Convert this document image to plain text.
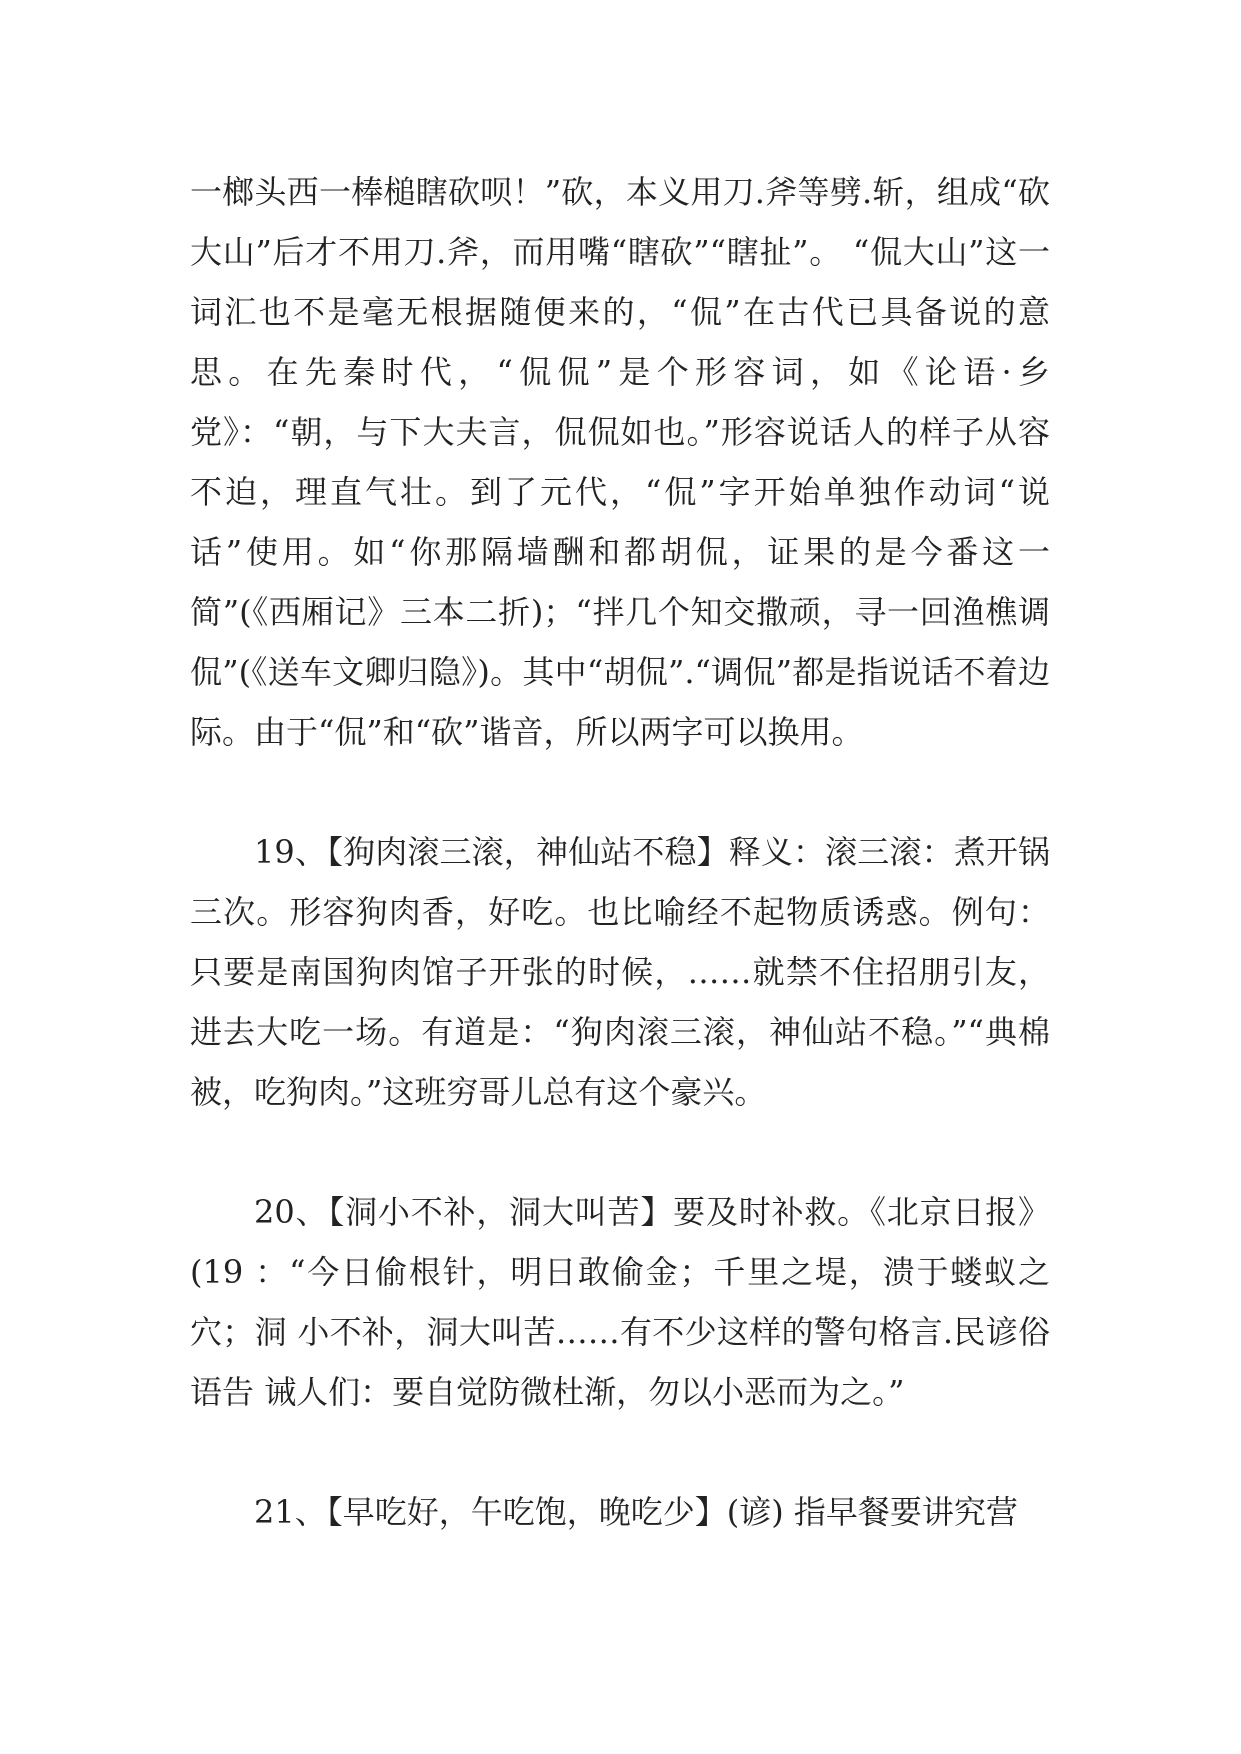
一榔头西一棒槌瞎砍呗！”砍，本义用刀.斧等劈.斩，组成“砍大山”后才不用刀.斧，而用嘴“瞎砍”“瞎扯”。 “侃大山”这一词汇也不是毫无根据随便来的，“侃”在古代已具备说的意思。在先秦时代，“侃侃”是个形容词，如《论语·乡党》：“朝，与下大夫言，侃侃如也。”形容说话人的样子从容不迫，理直气壮。到了元代，“侃”字开始单独作动词“说话”使用。如“你那隔墙酬和都胡侃，证果的是今番这一简”(《西厢记》三本二折)；“拌几个知交撒顽，寻一回渔樵调侃”(《送车文卿归隐》)。其中“胡侃”.“调侃”都是指说话不着边际。由于“侃”和“砍”谐音，所以两字可以换用。

19、【狗肉滚三滚，神仙站不稳】释义：滚三滚：煮开锅三次。形容狗肉香，好吃。也比喻经不起物质诱惑。例句：只要是南国狗肉馆子开张的时候，……就禁不住招朋引友，进去大吃一场。有道是：“狗肉滚三滚，神仙站不稳。”“典棉被，吃狗肉。”这班穷哥儿总有这个豪兴。

20、【洞小不补，洞大叫苦】要及时补救。《北京日报》(19 ：“今日偷根针，明日敢偷金；千里之堤，溃于蝼蚁之穴；洞 小不补，洞大叫苦……有不少这样的警句格言.民谚俗语告 诫人们：要自觉防微杜渐，勿以小恶而为之。”

21、【早吃好，午吃饱，晚吃少】(谚) 指早餐要讲究营
